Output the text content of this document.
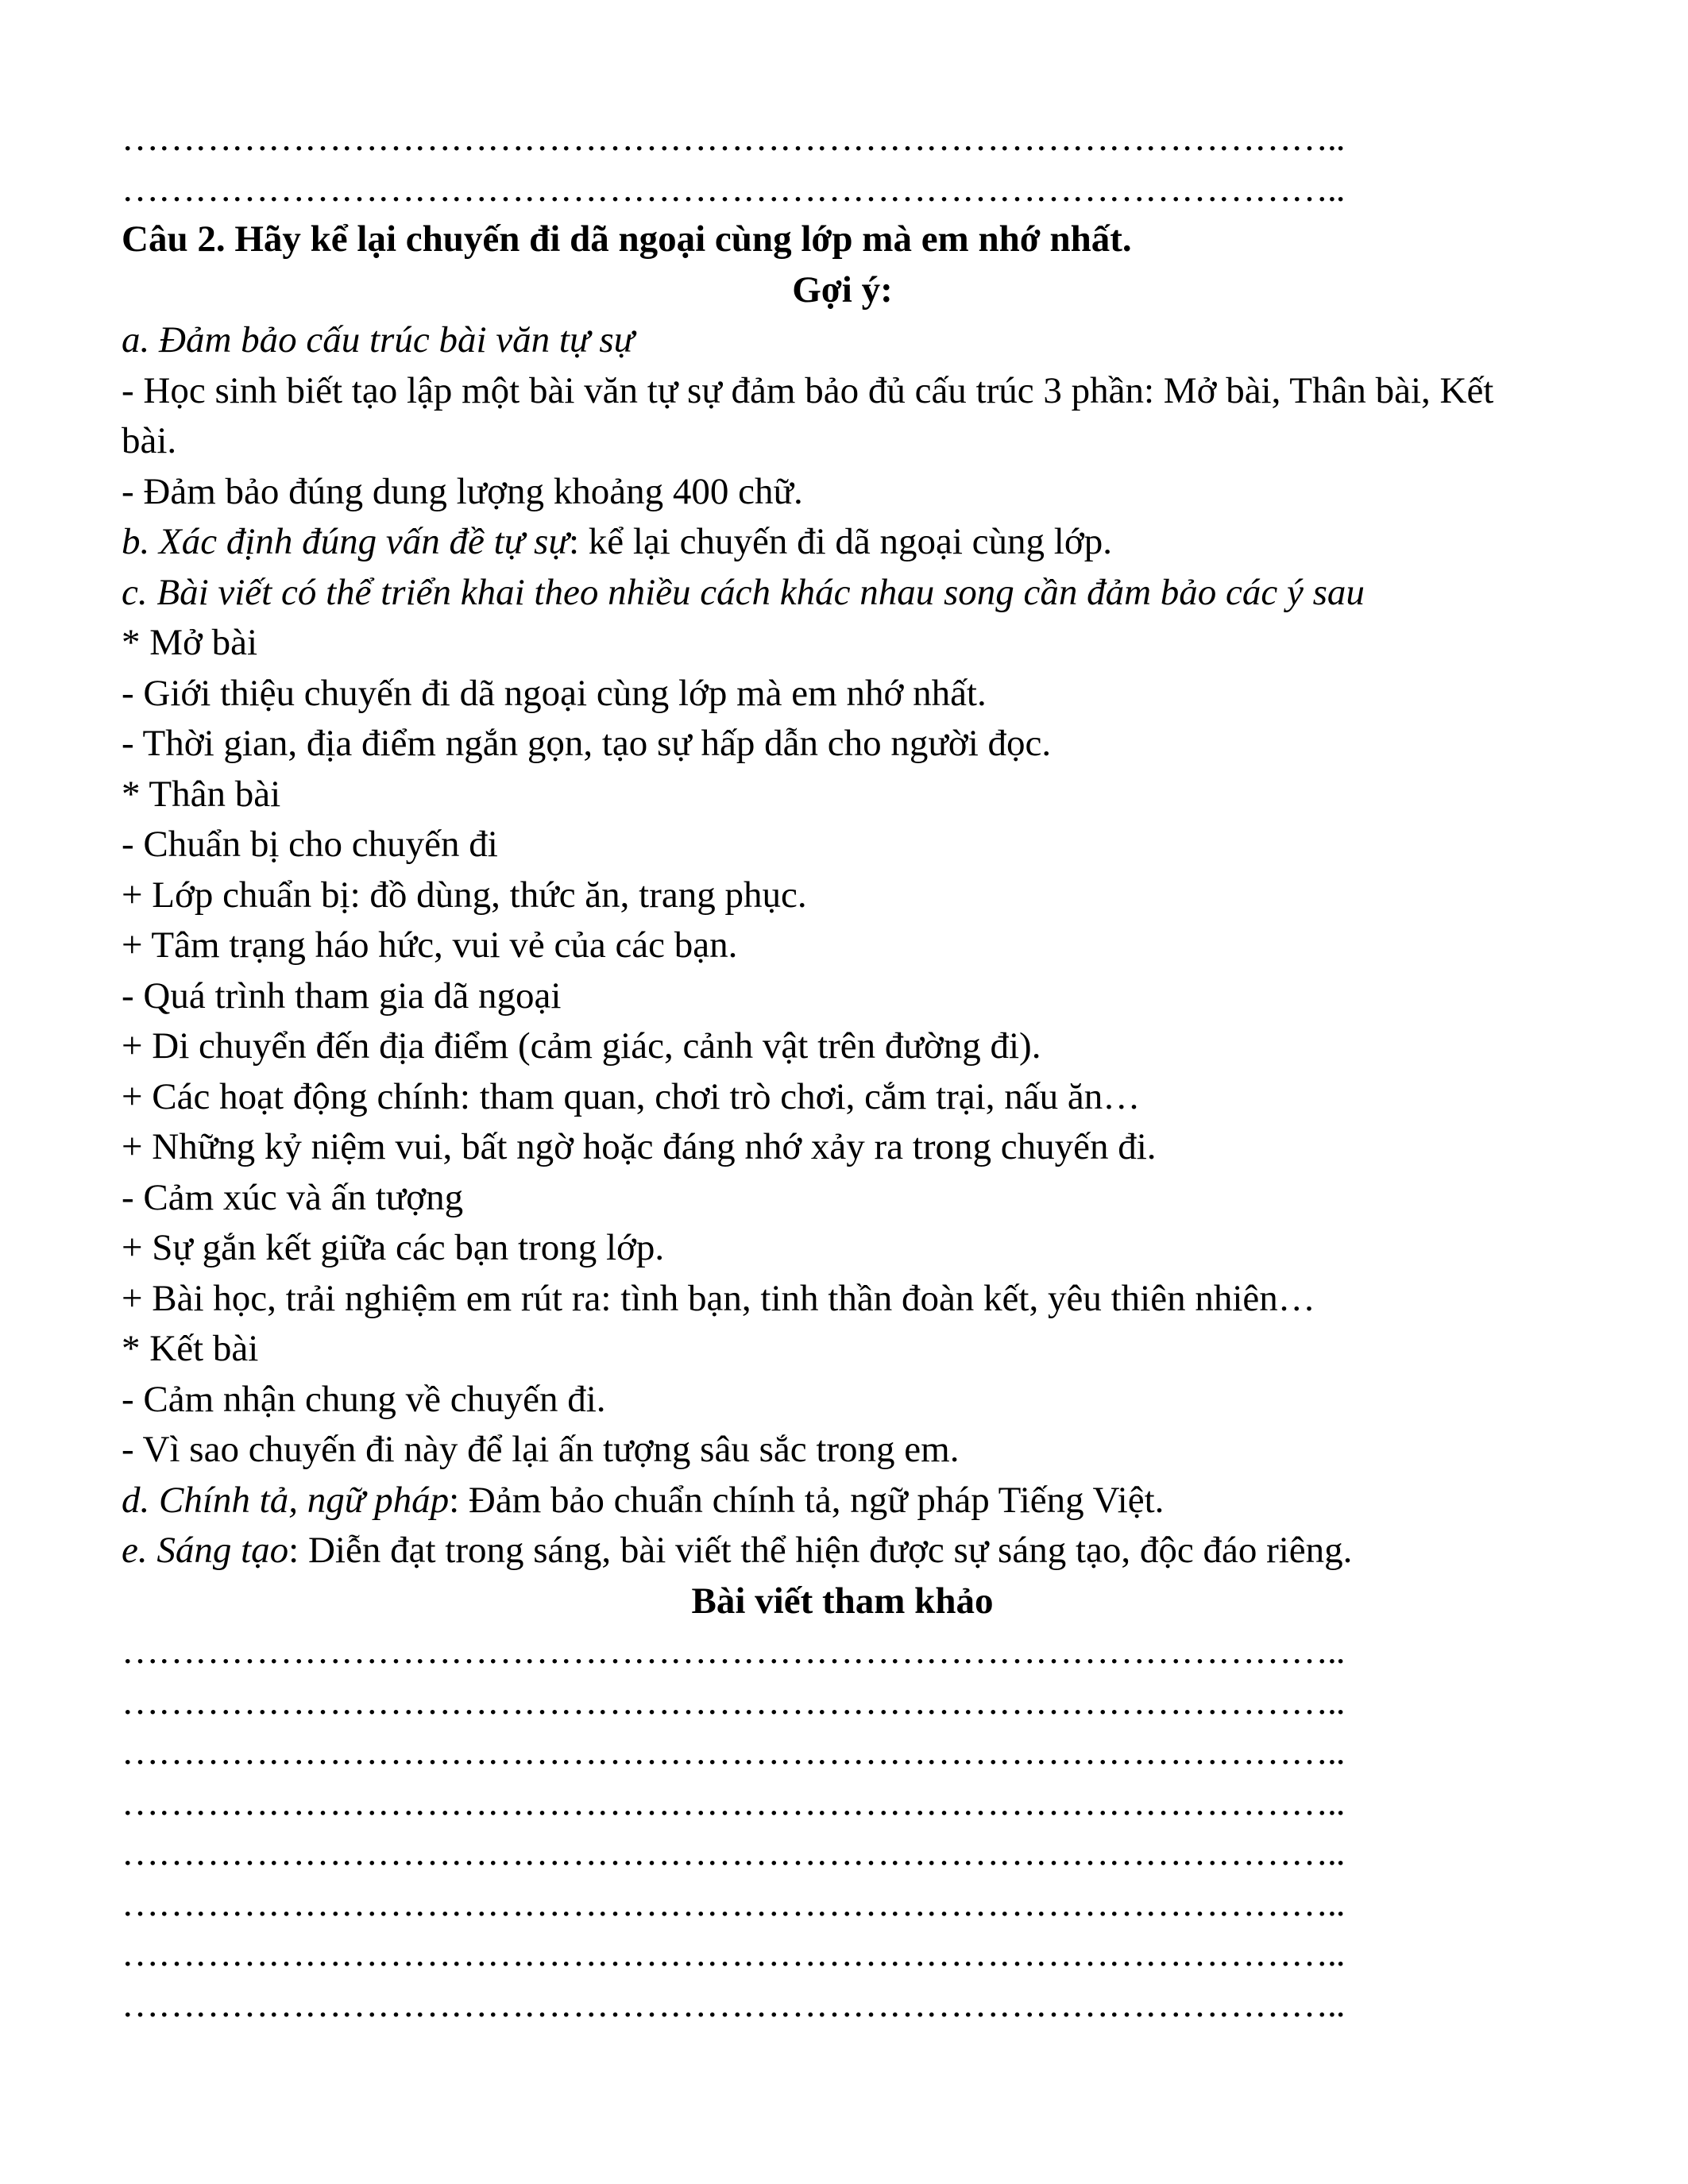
………………………………………………………………………………………..
………………………………………………………………………………………..
Câu 2. Hãy kể lại chuyến đi dã ngoại cùng lớp mà em nhớ nhất.
Gợi ý:
a. Đảm bảo cấu trúc bài văn tự sự
- Học sinh biết tạo lập một bài văn tự sự đảm bảo đủ cấu trúc 3 phần: Mở bài, Thân bài, Kết
bài.
- Đảm bảo đúng dung lượng khoảng 400 chữ.
b. Xác định đúng vấn đề tự sự: kể lại chuyến đi dã ngoại cùng lớp.
c. Bài viết có thể triển khai theo nhiều cách khác nhau song cần đảm bảo các ý sau
* Mở bài
- Giới thiệu chuyến đi dã ngoại cùng lớp mà em nhớ nhất.
- Thời gian, địa điểm ngắn gọn, tạo sự hấp dẫn cho người đọc.
* Thân bài
- Chuẩn bị cho chuyến đi
+ Lớp chuẩn bị: đồ dùng, thức ăn, trang phục.
+ Tâm trạng háo hức, vui vẻ của các bạn.
- Quá trình tham gia dã ngoại
+ Di chuyển đến địa điểm (cảm giác, cảnh vật trên đường đi).
+ Các hoạt động chính: tham quan, chơi trò chơi, cắm trại, nấu ăn…
+ Những kỷ niệm vui, bất ngờ hoặc đáng nhớ xảy ra trong chuyến đi.
- Cảm xúc và ấn tượng
+ Sự gắn kết giữa các bạn trong lớp.
+ Bài học, trải nghiệm em rút ra: tình bạn, tinh thần đoàn kết, yêu thiên nhiên…
* Kết bài
- Cảm nhận chung về chuyến đi.
- Vì sao chuyến đi này để lại ấn tượng sâu sắc trong em.
d. Chính tả, ngữ pháp: Đảm bảo chuẩn chính tả, ngữ pháp Tiếng Việt.
e. Sáng tạo: Diễn đạt trong sáng, bài viết thể hiện được sự sáng tạo, độc đáo riêng.
Bài viết tham khảo
………………………………………………………………………………………..
………………………………………………………………………………………..
………………………………………………………………………………………..
………………………………………………………………………………………..
………………………………………………………………………………………..
………………………………………………………………………………………..
………………………………………………………………………………………..
………………………………………………………………………………………..
